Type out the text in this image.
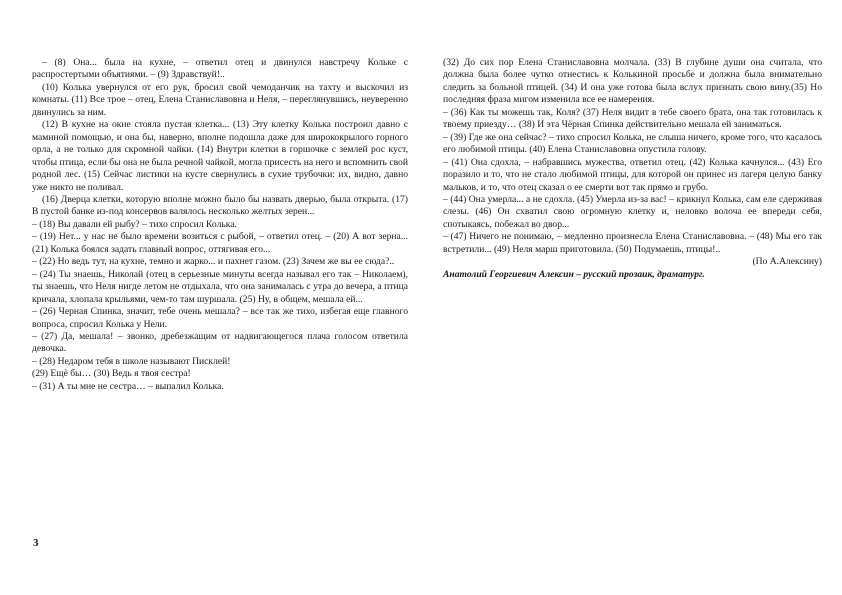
– (8) Она... была на кухне, – ответил отец и двинулся навстречу Кольке с распростертыми объятиями. – (9) Здравствуй!..

(10) Колька увернулся от его рук, бросил свой чемоданчик на тахту и выскочил из комнаты. (11) Все трое – отец, Елена Станиславовна и Неля, – переглянувшись, неуверенно двинулись за ним.

(12) В кухне на окне стояла пустая клетка... (13) Эту клетку Колька построил давно с маминой помощью, и она бы, наверно, вполне подошла даже для ширококрылого горного орла, а не только для скромной чайки. (14) Внутри клетки в горшочке с землей рос куст, чтобы птица, если бы она не была речной чайкой, могла присесть на него и вспомнить свой родной лес. (15) Сейчас листики на кусте свернулись в сухие трубочки: их, видно, давно уже никто не поливал.

(16) Дверца клетки, которую вполне можно было бы назвать дверью, была открыта. (17) В пустой банке из-под консервов валялось несколько желтых зерен...

– (18) Вы давали ей рыбу? – тихо спросил Колька.

– (19) Нет... у нас не было времени возиться с рыбой, – ответил отец. – (20) А вот зерна... (21) Колька боялся задать главный вопрос, оттягивая его...

– (22) Но ведь тут, на кухне, темно и жарко... и пахнет газом. (23) Зачем же вы ее сюда?..

– (24) Ты знаешь, Николай (отец в серьезные минуты всегда называл его так – Николаем), ты знаешь, что Неля нигде летом не отдыхала, что она занималась с утра до вечера, а птица кричала, хлопала крыльями, чем-то там шуршала. (25) Ну, в общем, мешала ей...

– (26) Черная Спинка, значит, тебе очень мешала? – все так же тихо, избегая еще главного вопроса, спросил Колька у Нели.

– (27) Да, мешала! – звонко, дребезжащим от надвигающегося плача голосом ответила девочка.

– (28) Недаром тебя в школе называют Писклей!

(29) Ещё бы… (30) Ведь я твоя сестра!

– (31) А ты мне не сестра… – выпалил Колька.

(32) До сих пор Елена Станиславовна молчала. (33) В глубине души она считала, что должна была более чутко отнестись к Колькиной просьбе и должна была внимательно следить за больной птицей. (34) И она уже готова была вслух признать свою вину.(35) Но последняя фраза мигом изменила все ее намерения.

– (36) Как ты можешь так, Коля? (37) Неля видит в тебе своего брата, она так готовилась к твоему приезду… (38) И эта Чёрная Спинка действительно мешала ей заниматься.

– (39) Где же она сейчас? – тихо спросил Колька, не слыша ничего, кроме того, что касалось его любимой птицы. (40) Елена Станиславовна опустила голову.

– (41) Она сдохла, – набравшись мужества, ответил отец. (42) Колька качнулся... (43) Его поразило и то, что не стало любимой птицы, для которой он принес из лагеря целую банку мальков, и то, что отец сказал о ее смерти вот так прямо и грубо.

– (44) Она умерла... а не сдохла. (45) Умерла из-за вас! – крикнул Колька, сам еле сдерживая слезы. (46) Он схватил свою огромную клетку и, неловко волоча ее впереди себя, спотыкаясь, побежал во двор...

– (47) Ничего не понимаю, – медленно произнесла Елена Станиславовна. – (48) Мы его так встретили... (49) Неля марш приготовила. (50) Подумаешь, птицы!..

(По А.Алексину)

Анатолий Георгиевич Алексин – русский прозаик, драматург.

3
